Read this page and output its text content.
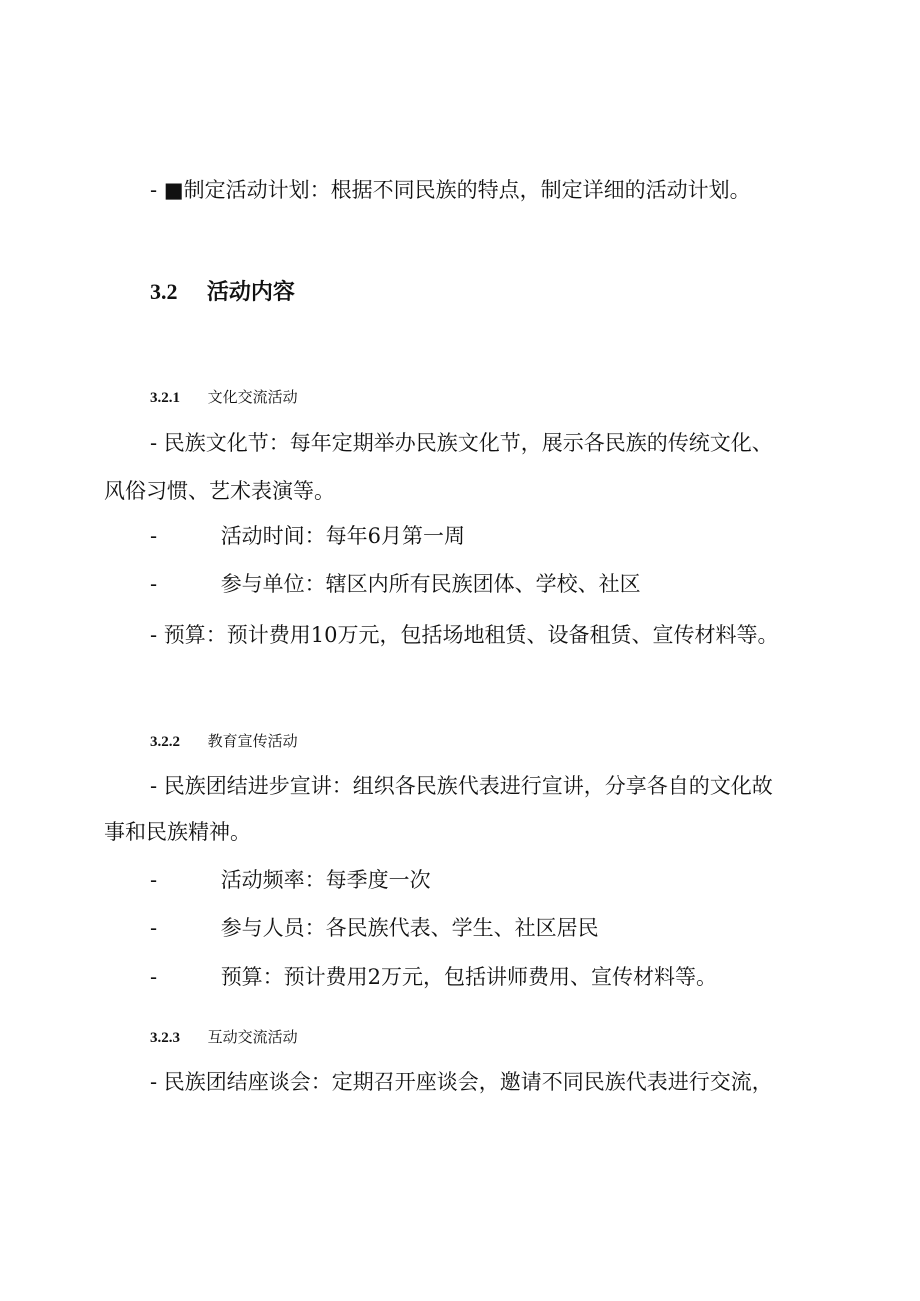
- ■制定活动计划：根据不同民族的特点，制定详细的活动计划。
3.2 活动内容
3.2.1 文化交流活动
- 民族文化节：每年定期举办民族文化节，展示各民族的传统文化、
风俗习惯、艺术表演等。
-	活动时间：每年6月第一周
-	参与单位：辖区内所有民族团体、学校、社区
- 预算：预计费用10万元，包括场地租赁、设备租赁、宣传材料等。
3.2.2 教育宣传活动
- 民族团结进步宣讲：组织各民族代表进行宣讲，分享各自的文化故
事和民族精神。
-	活动频率：每季度一次
-	参与人员：各民族代表、学生、社区居民
-	预算：预计费用2万元，包括讲师费用、宣传材料等。
3.2.3 互动交流活动
- 民族团结座谈会：定期召开座谈会，邀请不同民族代表进行交流，
